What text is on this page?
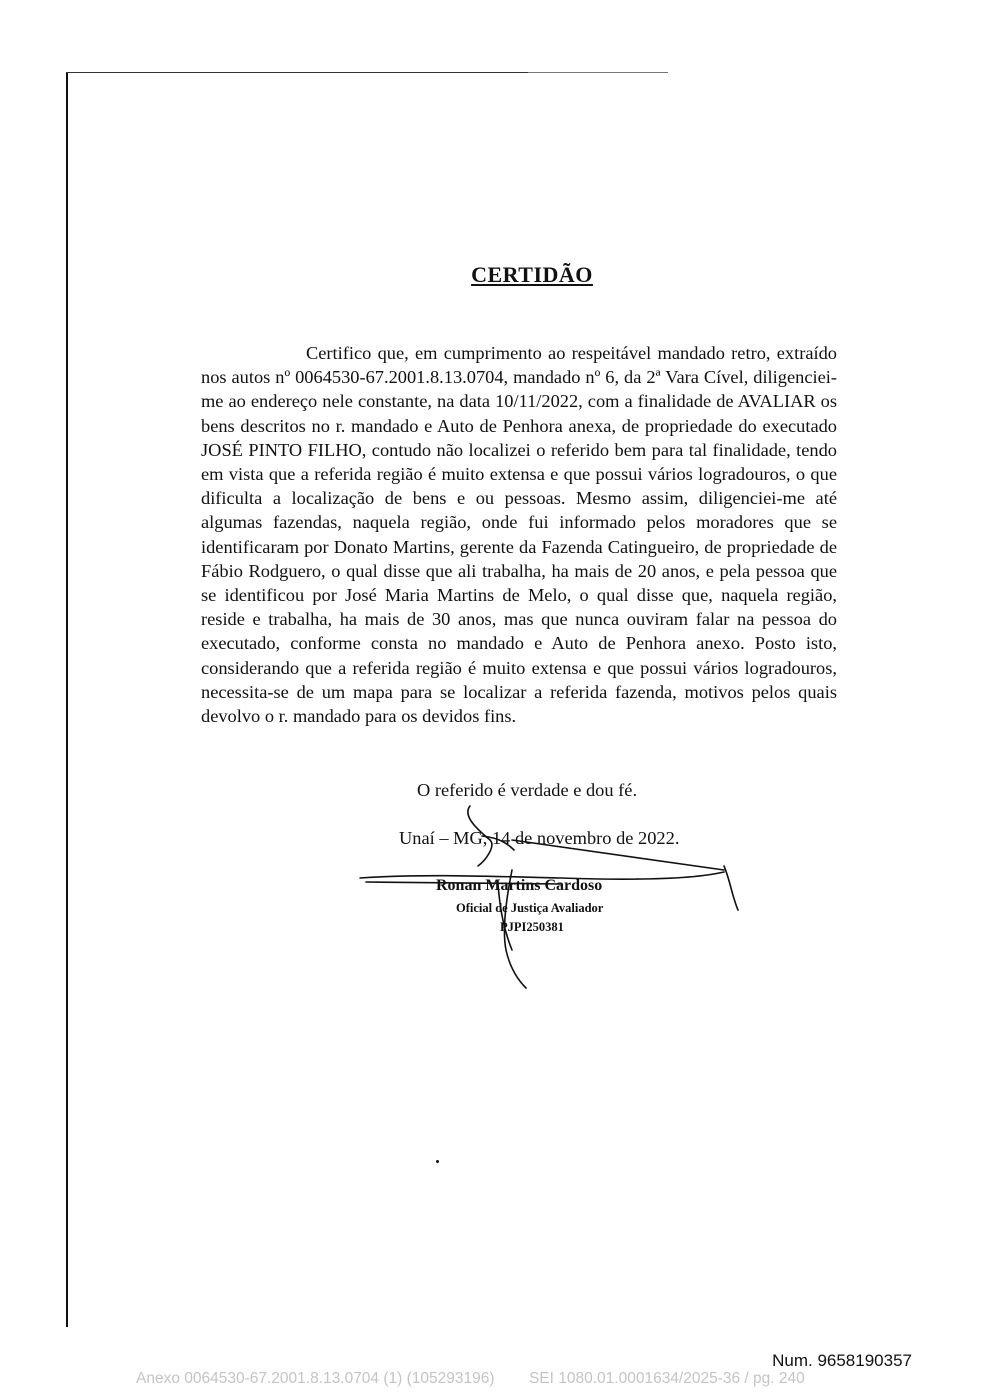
CERTIDÃO

Certifico que, em cumprimento ao respeitável mandado retro, extraído nos autos nº 0064530-67.2001.8.13.0704, mandado nº 6, da 2ª Vara Cível, diligenciei-me ao endereço nele constante, na data 10/11/2022, com a finalidade de AVALIAR os bens descritos no r. mandado e Auto de Penhora anexa, de propriedade do executado JOSÉ PINTO FILHO, contudo não localizei o referido bem para tal finalidade, tendo em vista que a referida região é muito extensa e que possui vários logradouros, o que dificulta a localização de bens e ou pessoas. Mesmo assim, diligenciei-me até algumas fazendas, naquela região, onde fui informado pelos moradores que se identificaram por Donato Martins, gerente da Fazenda Catingueiro, de propriedade de Fábio Rodguero, o qual disse que ali trabalha, ha mais de 20 anos, e pela pessoa que se identificou por José Maria Martins de Melo, o qual disse que, naquela região, reside e trabalha, ha mais de 30 anos, mas que nunca ouviram falar na pessoa do executado, conforme consta no mandado e Auto de Penhora anexo. Posto isto, considerando que a referida região é muito extensa e que possui vários logradouros, necessita-se de um mapa para se localizar a referida fazenda, motivos pelos quais devolvo o r. mandado para os devidos fins.

O referido é verdade e dou fé.
Unaí – MG, 14 de novembro de 2022.
Ronan Martins Cardoso
Oficial de Justiça Avaliador
PJPI250381
Num. 9658190357
Anexo 0064530-67.2001.8.13.0704 (1) (105293196)        SEI 1080.01.0001634/2025-36 / pg. 240
